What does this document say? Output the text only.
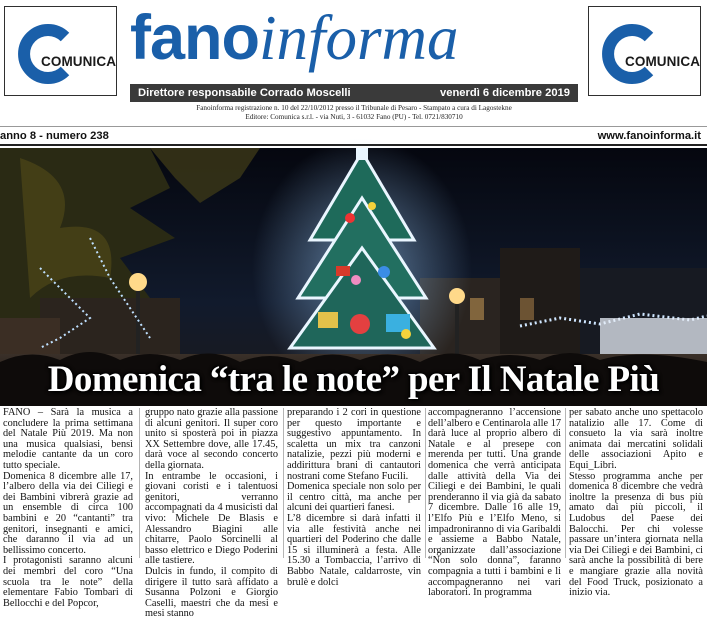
COMUNICA fanoinforma	COMUNICA
Direttore responsabile Corrado Moscelli	venerdì 6 dicembre 2019
Fanoinforma registrazione n. 10 del 22/10/2012 presso il Tribunale di Pesaro - Stampato a cura di Lagostekne
Editore: Comunica s.r.l. - via Nuti, 3 - 61032 Fano (PU) - Tel. 0721/830710
anno 8 - numero 238	www.fanoinforma.it
Domenica “tra le note” per Il Natale Più

FANO – Sarà la musica a concludere la prima settimana del Natale Più 2019. Ma non una musica qualsiasi, bensì melodie cantante da un coro tutto speciale.

Domenica 8 dicembre alle 17, l’albero della via dei Ciliegi e dei Bambini vibrerà grazie ad un ensemble di circa 100 bambini e 20 “cantanti” tra genitori, insegnanti e amici, che daranno il via ad un bellissimo concerto.

I protagonisti saranno alcuni dei membri del coro “Una scuola tra le note” della elementare Fabio Tombari di Bellocchi e del Popcor,

gruppo nato grazie alla passione di alcuni genitori. Il super coro unito si sposterà poi in piazza XX Settembre dove, alle 17.45, darà voce al secondo concerto della giornata.

In entrambe le occasioni, i giovani coristi e i talentuosi genitori, verranno accompagnati da 4 musicisti dal vivo: Michele De Blasis e Alessandro Biagini alle chitarre, Paolo Sorcinelli al basso elettrico e Diego Poderini alle tastiere.

Dulcis in fundo, il compito di dirigere il tutto sarà affidato a Susanna Polzoni e Giorgio Caselli, maestri che da mesi e mesi stanno

preparando i 2 cori in questione per questo importante e suggestivo appuntamento. In scaletta un mix tra canzoni natalizie, pezzi più moderni e addirittura brani di cantautori nostrani come Stefano Fucili.

Domenica speciale non solo per il centro città, ma anche per alcuni dei quartieri fanesi.

L’8 dicembre si darà infatti il via alle festività anche nei quartieri del Poderino che dalle 15 si illuminerà a festa. Alle 15.30 a Tombaccia, l’arrivo di Babbo Natale, caldarroste, vin brulè e dolci

accompagneranno l’accensione dell’albero e Centinarola alle 17 darà luce al proprio albero di Natale e al presepe con merenda per tutti. Una grande domenica che verrà anticipata dalle attività della Via dei Ciliegi e dei Bambini, le quali prenderanno il via già da sabato 7 dicembre. Dalle 16 alle 19, l’Elfo Più e l’Elfo Meno, si impadroniranno di via Garibaldi e assieme a Babbo Natale, organizzate dall’associazione “Non solo donna”, faranno compagnia a tutti i bambini e li accompagneranno nei vari laboratori. In programma

per sabato anche uno spettacolo natalizio alle 17. Come di consueto la via sarà inoltre animata dai mercatini solidali delle associazioni Apito e Equi_Libri.

Stesso programma anche per domenica 8 dicembre che vedrà inoltre la presenza di bus più amato dai più piccoli, il Ludobus del Paese dei Balocchi. Per chi volesse passare un’intera giornata nella via Dei Ciliegi e dei Bambini, ci sarà anche la possibilità di bere e mangiare grazie alla novità del Food Truck, posizionato a inizio via.
